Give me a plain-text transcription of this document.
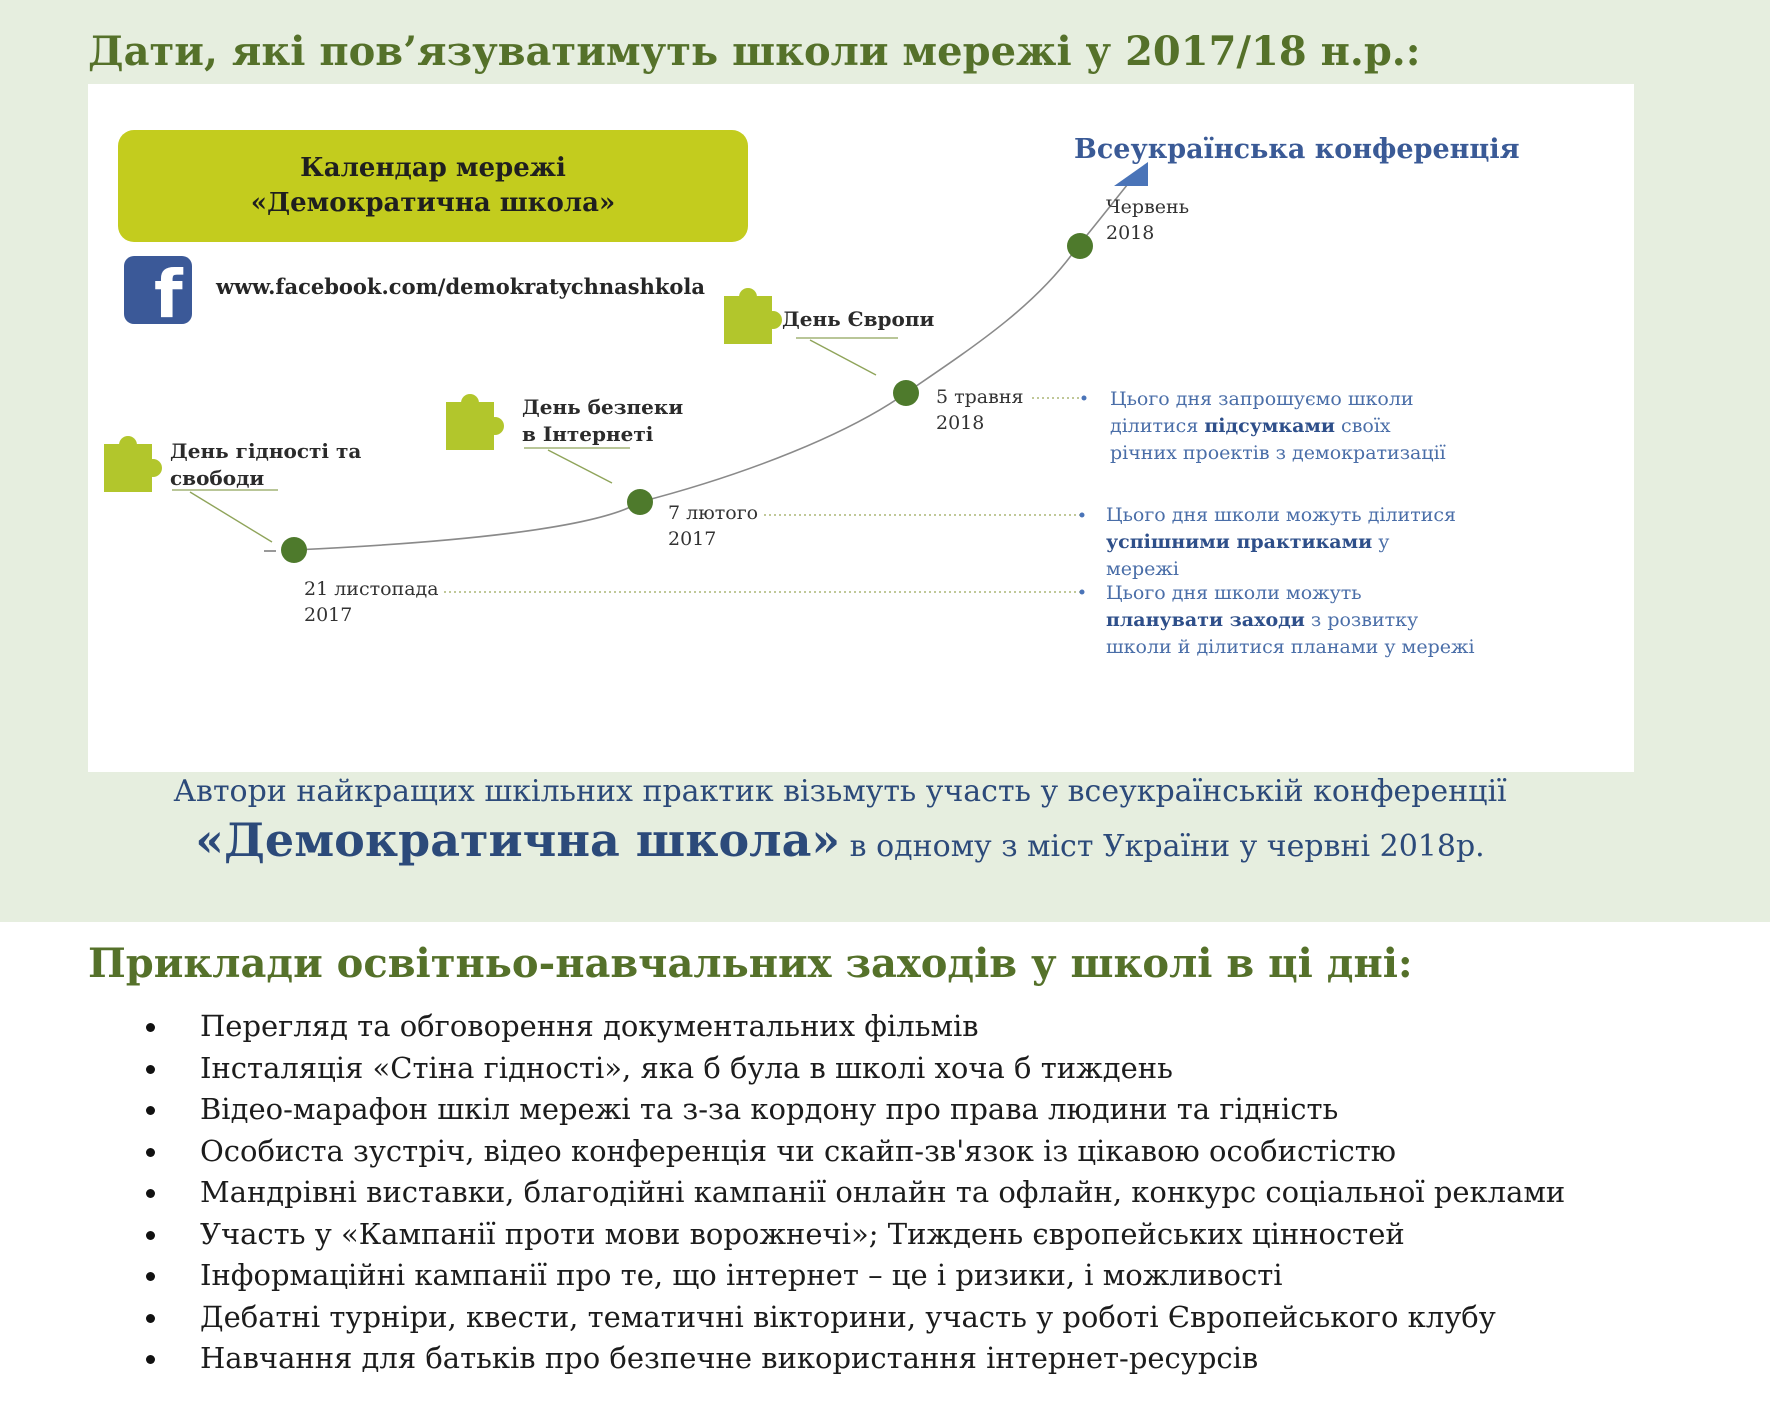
Дати, які пов’язуватимуть школи мережі у 2017/18 н.р.:
Календар мережі
«Демократична школа»
f www.facebook.com/demokratychnashkola
Всеукраїнська конференція
День гідності та
свободи
День безпеки
в Інтернеті
День Європи
21 листопада
2017
7 лютого
2017
5 травня
2018
Червень
2018
Цього дня запрошуємо школи
ділитися підсумками своїх
річних проектів з демократизації
Цього дня школи можуть ділитися
успішними практиками у
мережі
Цього дня школи можуть
планувати заходи з розвитку
школи й ділитися планами у мережі
Автори найкращих шкільних практик візьмуть участь у всеукраїнській конференції
«Демократична школа» в одному з міст України у червні 2018р.
Приклади освітньо-навчальних заходів у школі в ці дні:
Перегляд та обговорення документальних фільмів
Інсталяція «Стіна гідності», яка б була в школі хоча б тиждень
Відео-марафон шкіл мережі та з-за кордону про права людини та гідність
Особиста зустріч, відео конференція чи скайп-зв'язок із цікавою особистістю
Мандрівні виставки, благодійні кампанії онлайн та офлайн, конкурс соціальної реклами
Участь у «Кампанії проти мови ворожнечі»; Тиждень європейських цінностей
Інформаційні кампанії про те, що інтернет – це і ризики, і можливості
Дебатні турніри, квести, тематичні вікторини, участь у роботі Європейського клубу
Навчання для батьків про безпечне використання інтернет-ресурсів
